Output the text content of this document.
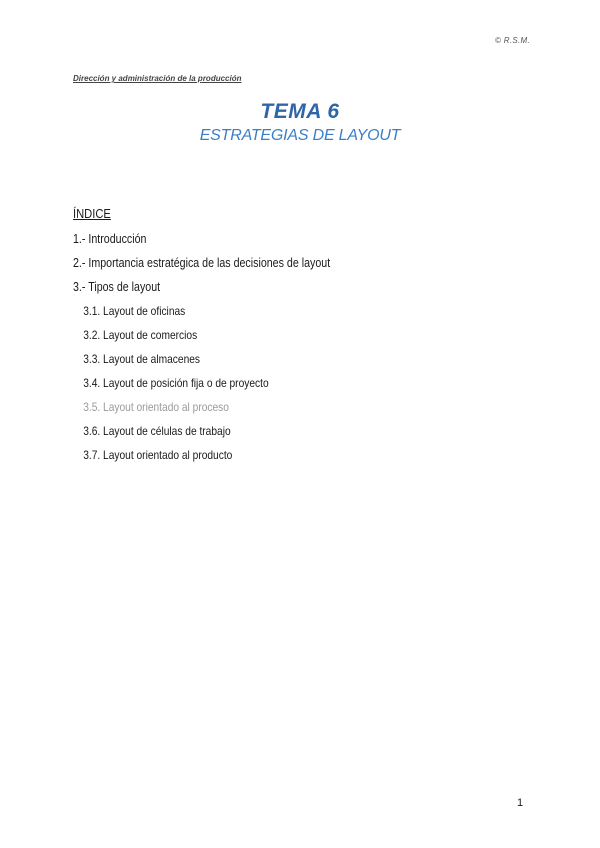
© R.S.M.
Dirección y administración de la producción
TEMA 6
ESTRATEGIAS DE LAYOUT
ÍNDICE
1.- Introducción
2.- Importancia estratégica de las decisiones de layout
3.- Tipos de layout
3.1. Layout de oficinas
3.2. Layout de comercios
3.3. Layout de almacenes
3.4. Layout de posición fija o de proyecto
3.5. Layout orientado al proceso
3.6. Layout de células de trabajo
3.7. Layout orientado al producto
1
